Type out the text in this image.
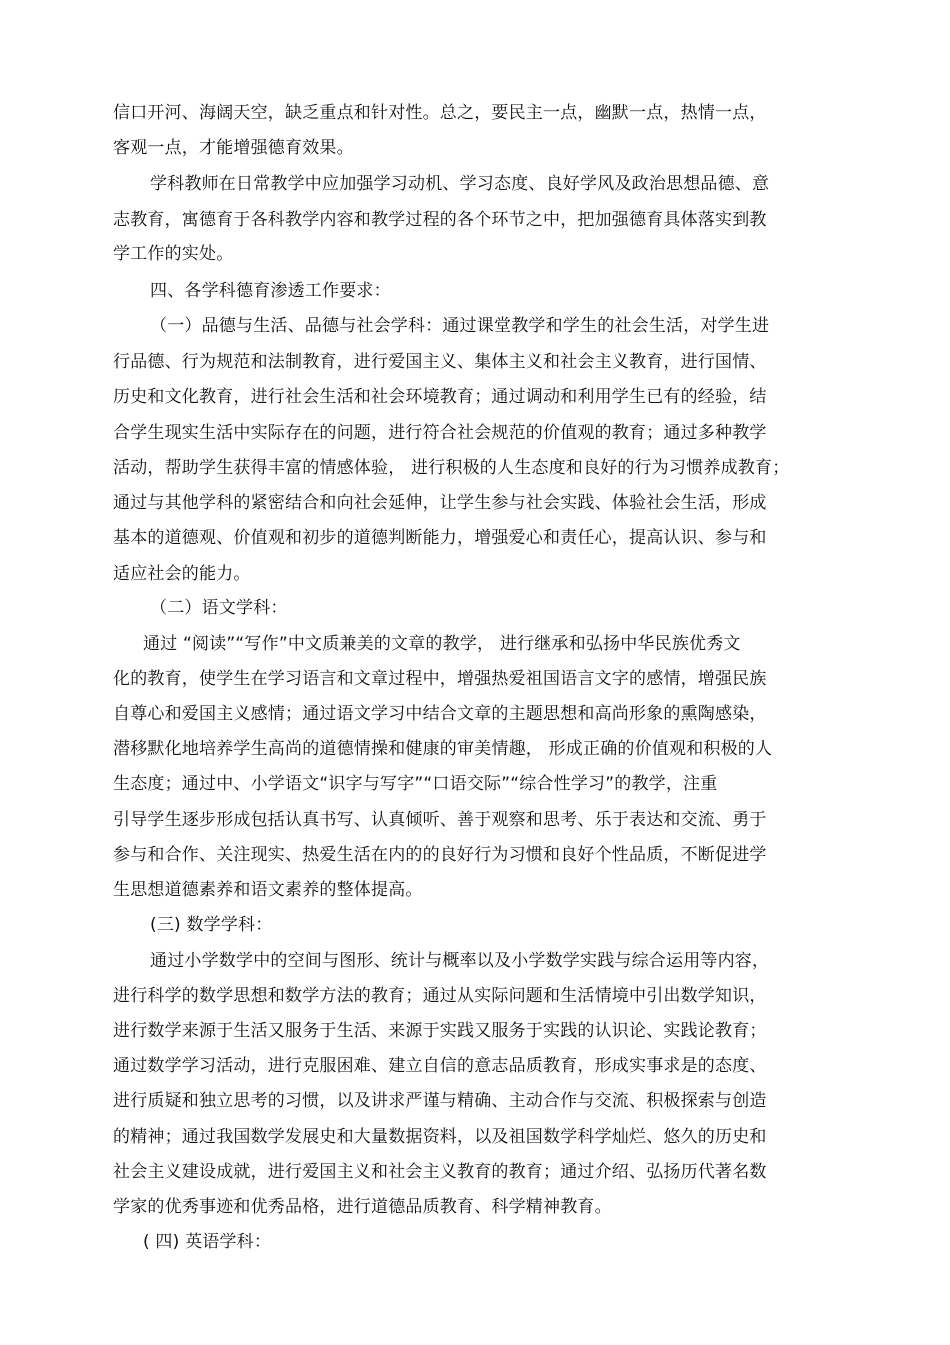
信口开河、海阔天空，缺乏重点和针对性。总之，要民主一点，幽默一点，热情一点，
客观一点，才能增强德育效果。
学科教师在日常教学中应加强学习动机、学习态度、良好学风及政治思想品德、意
志教育，寓德育于各科教学内容和教学过程的各个环节之中，把加强德育具体落实到教
学工作的实处。
四、各学科德育渗透工作要求：
（一）品德与生活、品德与社会学科：通过课堂教学和学生的社会生活，对学生进
行品德、行为规范和法制教育，进行爱国主义、集体主义和社会主义教育，进行国情、
历史和文化教育，进行社会生活和社会环境教育；通过调动和利用学生已有的经验，结
合学生现实生活中实际存在的问题，进行符合社会规范的价值观的教育；通过多种教学
活动，帮助学生获得丰富的情感体验， 进行积极的人生态度和良好的行为习惯养成教育；
通过与其他学科的紧密结合和向社会延伸，让学生参与社会实践、体验社会生活，形成
基本的道德观、价值观和初步的道德判断能力，增强爱心和责任心，提高认识、参与和
适应社会的能力。
（二）语文学科：
通过 “阅读”“写作”中文质兼美的文章的教学， 进行继承和弘扬中华民族优秀文
化的教育，使学生在学习语言和文章过程中，增强热爱祖国语言文字的感情，增强民族
自尊心和爱国主义感情；通过语文学习中结合文章的主题思想和高尚形象的熏陶感染，
潜移默化地培养学生高尚的道德情操和健康的审美情趣， 形成正确的价值观和积极的人
生态度；通过中、小学语文“识字与写字”“口语交际”“综合性学习”的教学，注重
引导学生逐步形成包括认真书写、认真倾听、善于观察和思考、乐于表达和交流、勇于
参与和合作、关注现实、热爱生活在内的的良好行为习惯和良好个性品质，不断促进学
生思想道德素养和语文素养的整体提高。
(三) 数学学科：
通过小学数学中的空间与图形、统计与概率以及小学数学实践与综合运用等内容，
进行科学的数学思想和数学方法的教育；通过从实际问题和生活情境中引出数学知识，
进行数学来源于生活又服务于生活、来源于实践又服务于实践的认识论、实践论教育；
通过数学学习活动，进行克服困难、建立自信的意志品质教育，形成实事求是的态度、
进行质疑和独立思考的习惯，以及讲求严谨与精确、主动合作与交流、积极探索与创造
的精神；通过我国数学发展史和大量数据资料，以及祖国数学科学灿烂、悠久的历史和
社会主义建设成就，进行爱国主义和社会主义教育的教育；通过介绍、弘扬历代著名数
学家的优秀事迹和优秀品格，进行道德品质教育、科学精神教育。
( 四) 英语学科：
